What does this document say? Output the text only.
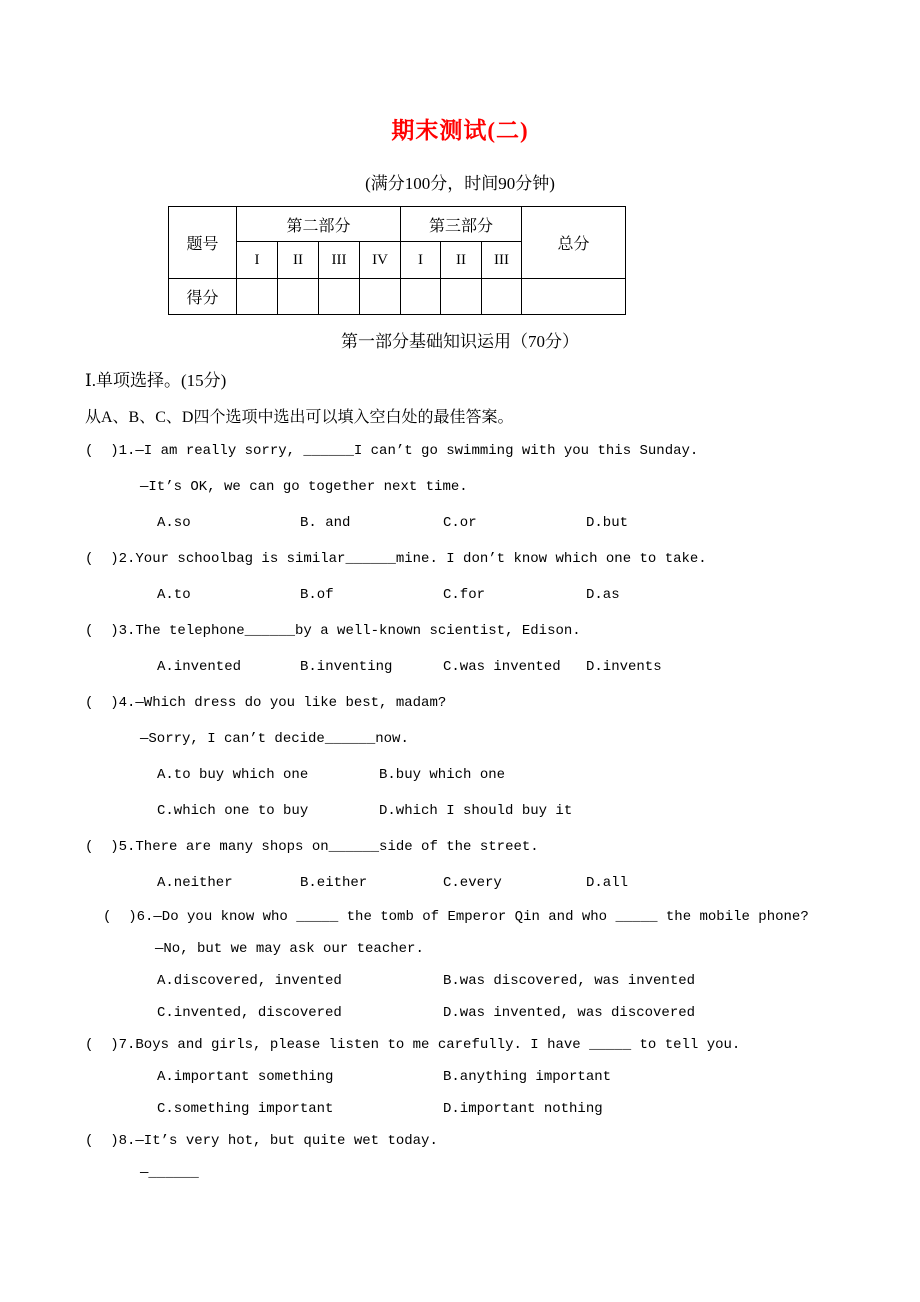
期末测试(二)
(满分100分，时间90分钟)
题号	第二部分				第三部分			总分
	I	II	III	IV	I	II	III	
得分								
第一部分基础知识运用（70分）
Ⅰ.单项选择。(15分)
从A、B、C、D四个选项中选出可以填入空白处的最佳答案。
(  )1.—I am really sorry, ______I can’t go swimming with you this Sunday.
—It’s OK, we can go together next time.
A.so	B. and	C.or	D.but
(  )2.Your schoolbag is similar______mine. I don’t know which one to take.
A.to	B.of	C.for	D.as
(  )3.The telephone______by a well-known scientist, Edison.
A.invented	B.inventing	C.was invented	D.invents
(  )4.—Which dress do you like best, madam?
—Sorry, I can’t decide______now.
A.to buy which one	B.buy which one
C.which one to buy	D.which I should buy it
(  )5.There are many shops on______side of the street.
A.neither	B.either	C.every	D.all
(  )6.—Do you know who _____ the tomb of Emperor Qin and who _____ the mobile phone?
—No, but we may ask our teacher.
A.discovered, invented	B.was discovered, was invented
C.invented, discovered	D.was invented, was discovered
(  )7.Boys and girls, please listen to me carefully. I have _____ to tell you.
A.important something	B.anything important
C.something important	D.important nothing
(  )8.—It’s very hot, but quite wet today.
—______
